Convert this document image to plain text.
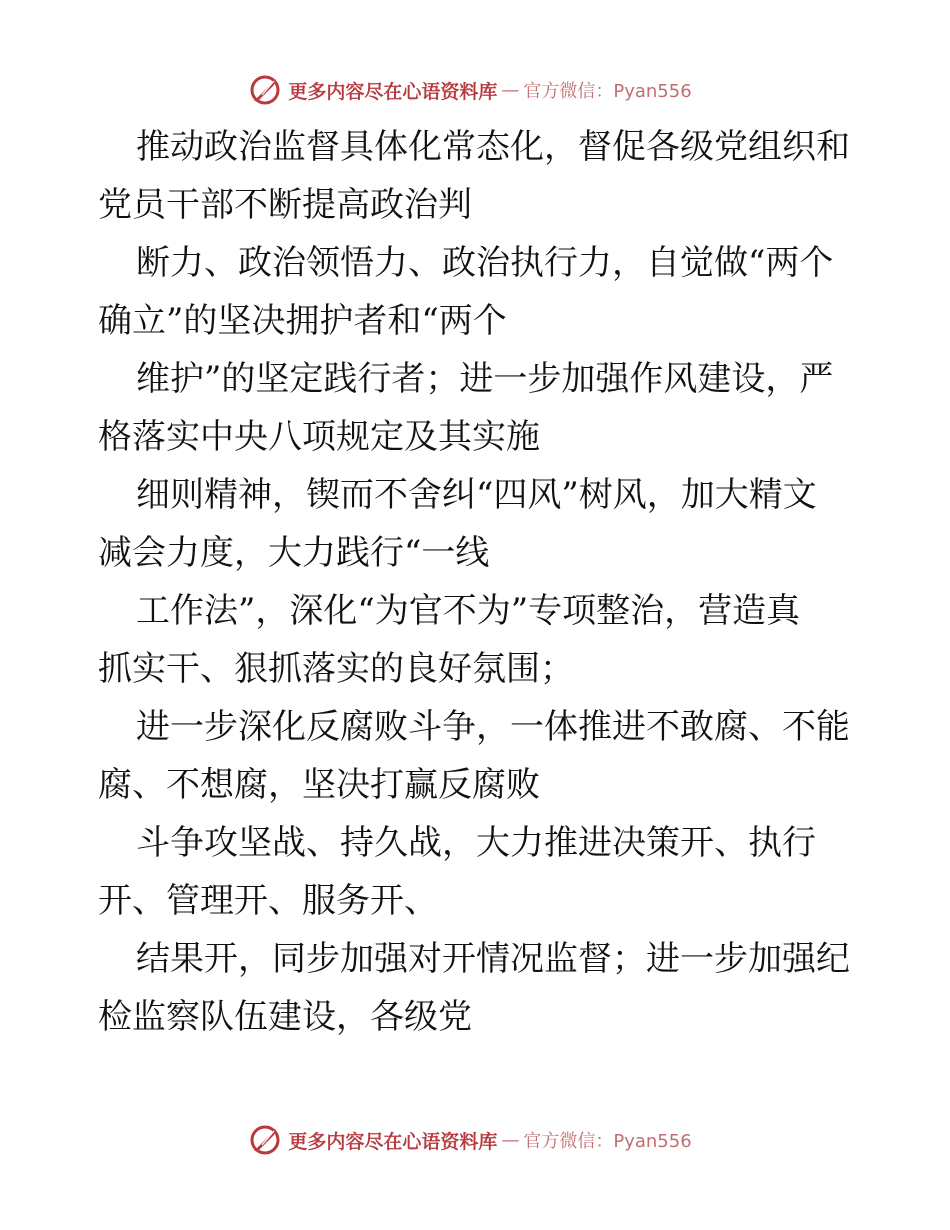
更多内容尽在心语资料库 — 官方微信：Pyan556
推动政治监督具体化常态化，督促各级党组织和
党员干部不断提高政治判
断力、政治领悟力、政治执行力，自觉做“两个
确立”的坚决拥护者和“两个
维护”的坚定践行者；进一步加强作风建设，严
格落实中央八项规定及其实施
细则精神，锲而不舍纠“四风”树风，加大精文
减会力度，大力践行“一线
工作法”，深化“为官不为”专项整治，营造真
抓实干、狠抓落实的良好氛围；
进一步深化反腐败斗争，一体推进不敢腐、不能
腐、不想腐，坚决打赢反腐败
斗争攻坚战、持久战，大力推进决策开、执行
开、管理开、服务开、
结果开，同步加强对开情况监督；进一步加强纪
检监察队伍建设，各级党
更多内容尽在心语资料库 — 官方微信：Pyan556
